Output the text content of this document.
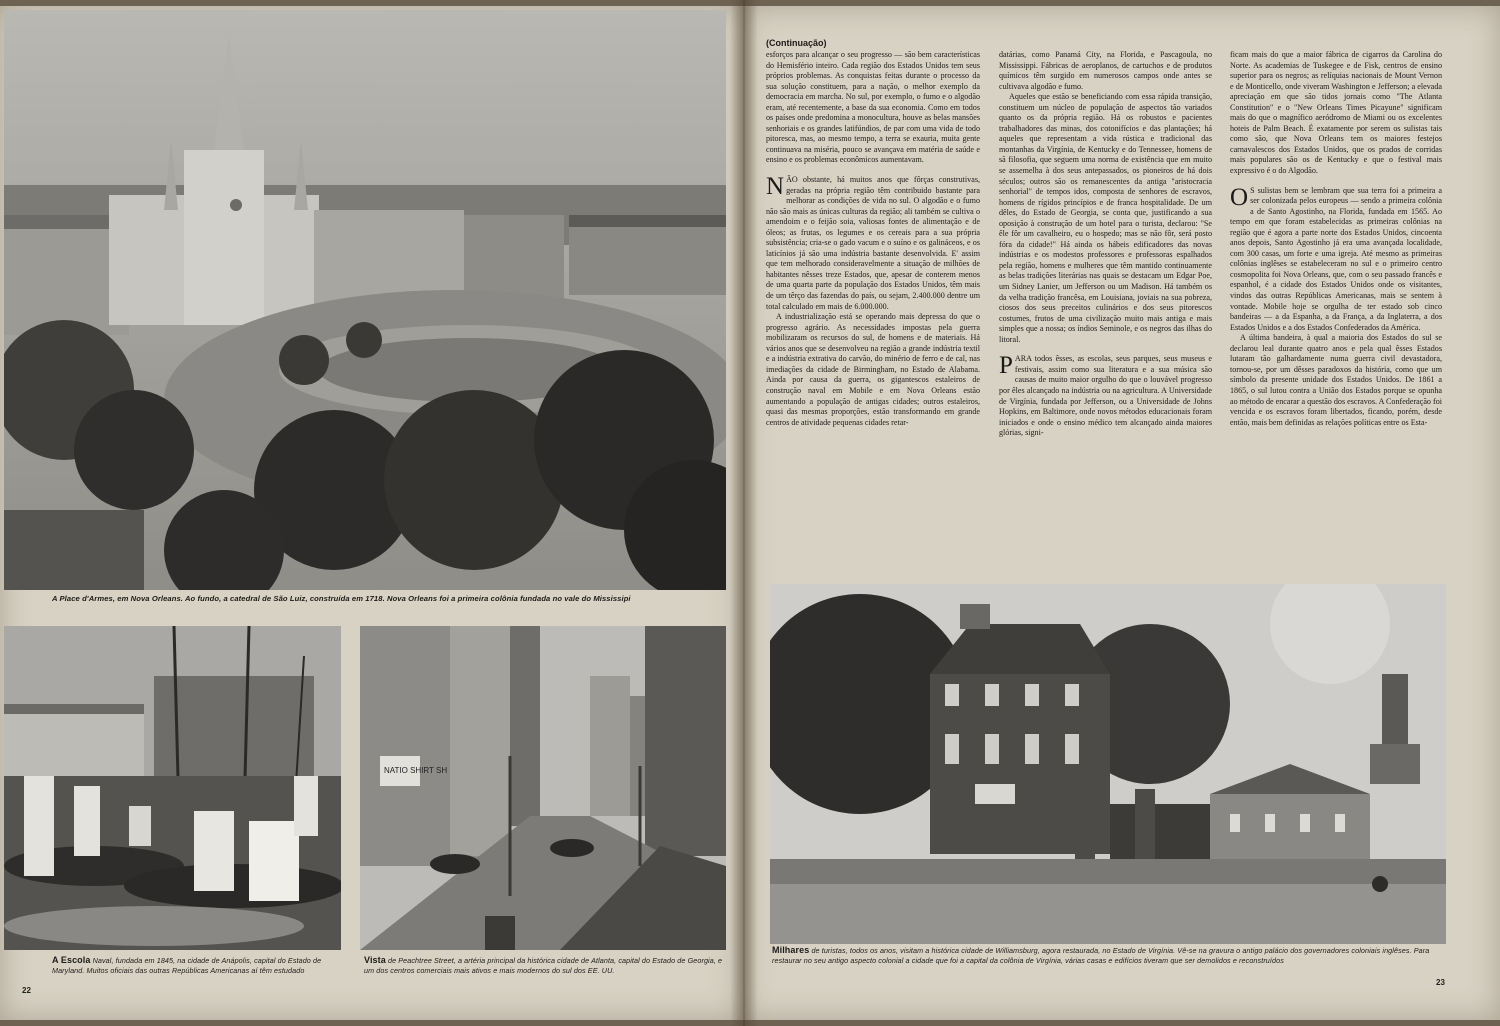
A Place d'Armes, em Nova Orleans. Ao fundo, a catedral de São Luiz, construída em 1718. Nova Orleans foi a primeira colônia fundada no vale do Mississipi
A Escola Naval, fundada em 1845, na cidade de Anápolis, capital do Estado de Maryland. Muitos oficiais das outras Repúblicas Americanas aí têm estudado
NATIO SHIRT SH
Vista de Peachtree Street, a artéria principal da histórica cidade de Atlanta, capital do Estado de Georgia, e um dos centros comerciais mais ativos e mais modernos do sul dos EE. UU.
22
23
(Continuação)

esforços para alcançar o seu progresso — são bem características do Hemisfério inteiro. Cada região dos Estados Unidos tem seus próprios problemas. As conquistas feitas durante o processo da sua solução constituem, para a nação, o melhor exemplo da democracia em marcha. No sul, por exemplo, o fumo e o algodão eram, até recentemente, a base da sua economia. Como em todos os países onde predomina a monocultura, houve as belas mansões senhoriais e os grandes latifúndios, de par com uma vida de todo pitoresca, mas, ao mesmo tempo, a terra se exauria, muita gente continuava na miséria, pouco se avançava em matéria de saúde e ensino e os problemas econômicos aumentavam.

NÃO obstante, há muitos anos que fôrças construtivas, geradas na própria região têm contribuido bastante para melhorar as condições de vida no sul. O algodão e o fumo não são mais as únicas culturas da região; ali também se cultiva o amendoim e o feijão soia, valiosas fontes de alimentação e de óleos; as frutas, os legumes e os cereais para a sua própria subsistência; cria-se o gado vacum e o suíno e os galináceos, e os laticínios já são uma indústria bastante desenvolvida. E' assim que tem melhorado consideravelmente a situação de milhões de habitantes nêsses treze Estados, que, apesar de conterem menos de uma quarta parte da população dos Estados Unidos, têm mais de um têrço das fazendas do país, ou sejam, 2.400.000 dentre um total calculado em mais de 6.000.000.

A industrialização está se operando mais depressa do que o progresso agrário. As necessidades impostas pela guerra mobilizaram os recursos do sul, de homens e de materiais. Há vários anos que se desenvolveu na região a grande indústria textil e a indústria extrativa do carvão, do minério de ferro e de cal, nas imediações da cidade de Birmingham, no Estado de Alabama. Ainda por causa da guerra, os gigantescos estaleiros de construção naval em Mobile e em Nova Orleans estão aumentando a população de antigas cidades; outros estaleiros, quasi das mesmas proporções, estão transformando em grande centros de atividade pequenas cidades retar-

datárias, como Panamá City, na Florida, e Pascagoula, no Mississippi. Fábricas de aeroplanos, de cartuchos e de produtos químicos têm surgido em numerosos campos onde antes se cultivava algodão e fumo.

Aqueles que estão se beneficiando com essa rápida transição, constituem um núcleo de população de aspectos tão variados quanto os da própria região. Há os robustos e pacientes trabalhadores das minas, dos cotonifícios e das plantações; há aqueles que representam a vida rústica e tradicional das montanhas da Virgínia, de Kentucky e do Tennessee, homens de sã filosofia, que seguem uma norma de existência que em muito se assemelha à dos seus antepassados, os pioneiros de há dois séculos; outros são os remanescentes da antiga "aristocracia senhorial" de tempos idos, composta de senhores de escravos, homens de rígidos princípios e de franca hospitalidade. De um dêles, do Estado de Georgia, se conta que, justificando a sua oposição à construção de um hotel para o turista, declarou: "Se êle fôr um cavalheiro, eu o hospedo; mas se não fôr, será posto fóra da cidade!" Há ainda os hábeis edificadores das novas indústrias e os modestos professores e professoras espalhados pela região, homens e mulheres que têm mantido continuamente as belas tradições literárias nas quais se destacam um Edgar Poe, um Sidney Lanier, um Jefferson ou um Madison. Há também os da velha tradição francêsa, em Louisiana, joviais na sua pobreza, ciosos dos seus preceitos culinários e dos seus pitorescos costumes, frutos de uma civilização muito mais antiga e mais simples que a nossa; os índios Seminole, e os negros das ilhas do litoral.

PARA todos êsses, as escolas, seus parques, seus museus e festivais, assim como sua literatura e a sua música são causas de muito maior orgulho do que o louvável progresso por êles alcançado na indústria ou na agricultura. A Universidade de Virgínia, fundada por Jefferson, ou a Universidade de Johns Hopkins, em Baltimore, onde novos métodos educacionais foram iniciados e onde o ensino médico tem alcançado ainda maiores glórias, signi-

ficam mais do que a maior fábrica de cigarros da Carolina do Norte. As academias de Tuskegee e de Fisk, centros de ensino superior para os negros; as relíquias nacionais de Mount Vernon e de Monticello, onde viveram Washington e Jefferson; a elevada apreciação em que são tidos jornais como "The Atlanta Constitution" e o "New Orleans Times Picayune" significam mais do que o magnífico aeródromo de Miami ou os excelentes hoteis de Palm Beach. É exatamente por serem os sulistas tais como são, que Nova Orleans tem os maiores festejos carnavalescos dos Estados Unidos, que os prados de corridas mais populares são os de Kentucky e que o festival mais expressivo é o do Algodão.

O S sulistas bem se lembram que sua terra foi a primeira a ser colonizada pelos europeus — sendo a primeira colônia a de Santo Agostinho, na Florida, fundada em 1565. Ao tempo em que foram estabelecidas as primeiras colônias na região que é agora a parte norte dos Estados Unidos, cincoenta anos depois, Santo Agostinho já era uma avançada localidade, com 300 casas, um forte e uma igreja. Até mesmo as primeiras colônias inglêses se estabeleceram no sul e o primeiro centro cosmopolita foi Nova Orleans, que, com o seu passado francês e espanhol, é a cidade dos Estados Unidos onde os visitantes, vindos das outras Repúblicas Americanas, mais se sentem à vontade. Mobile hoje se orgulha de ter estado sob cinco bandeiras — a da Espanha, a da França, a da Inglaterra, a dos Estados Unidos e a dos Estados Confederados da América.

A última bandeira, à qual a maioria dos Estados do sul se declarou leal durante quatro anos e pela qual êsses Estados lutaram tão galhardamente numa guerra civil devastadora, tornou-se, por um dêsses paradoxos da história, como que um símbolo da presente unidade dos Estados Unidos. De 1861 a 1865, o sul lutou contra a União dos Estados porque se opunha ao método de encarar a questão dos escravos. A Confederação foi vencida e os escravos foram libertados, ficando, porém, desde então, mais bem definidas as relações políticas entre os Esta-

Milhares de turistas, todos os anos, visitam a histórica cidade de Williamsburg, agora restaurada, no Estado de Virgínia. Vê-se na gravura o antigo palácio dos governadores coloniais inglêses. Para restaurar no seu antigo aspecto colonial a cidade que foi a capital da colônia de Virgínia, várias casas e edifícios tiveram que ser demolidos e reconstruídos
